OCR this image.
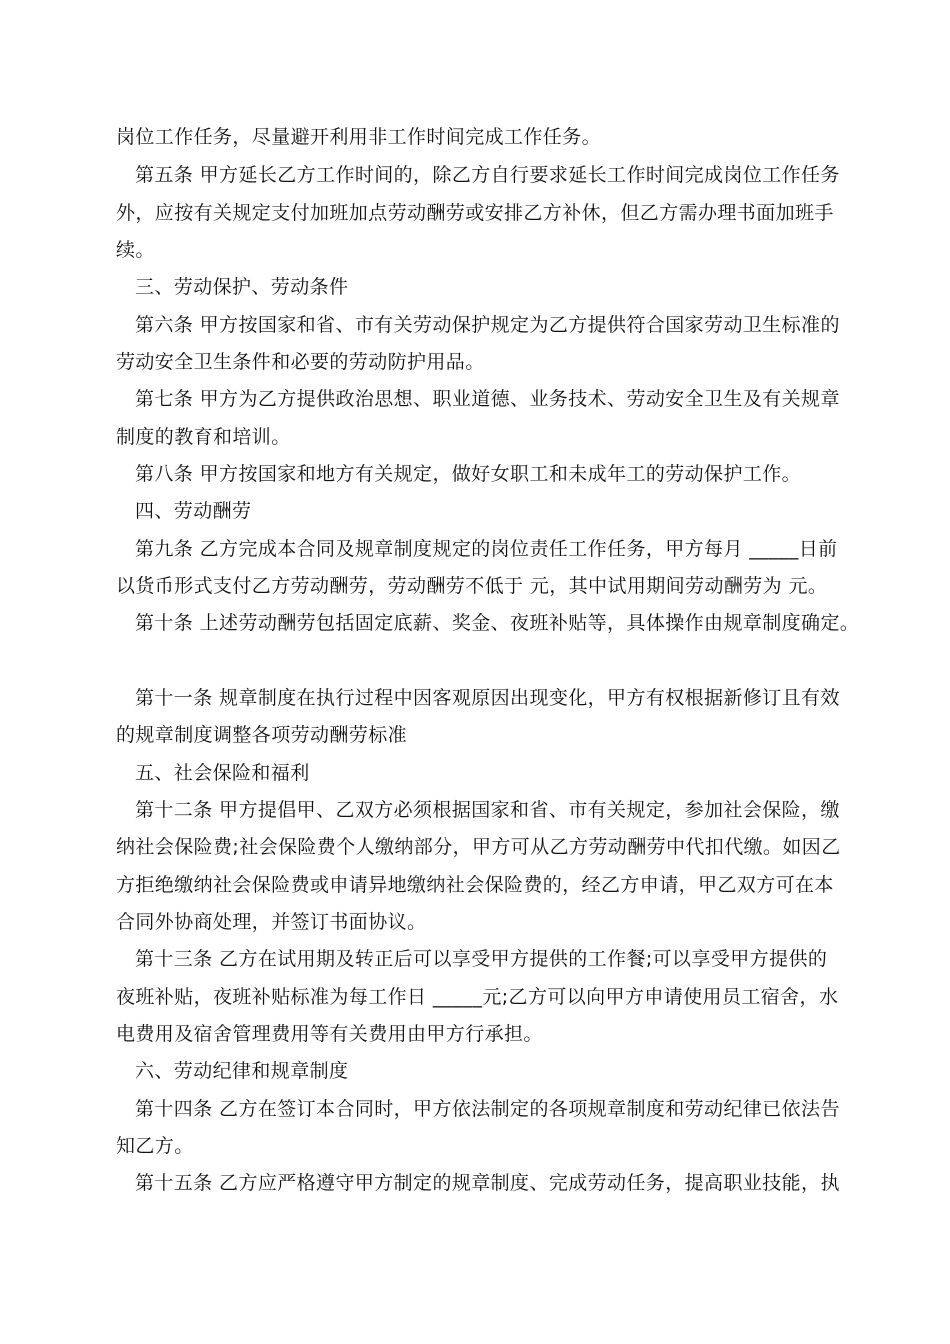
岗位工作任务，尽量避开利用非工作时间完成工作任务。
第五条 甲方延长乙方工作时间的，除乙方自行要求延长工作时间完成岗位工作任务
外，应按有关规定支付加班加点劳动酬劳或安排乙方补休，但乙方需办理书面加班手
续。
三、劳动保护、劳动条件
第六条 甲方按国家和省、市有关劳动保护规定为乙方提供符合国家劳动卫生标准的
劳动安全卫生条件和必要的劳动防护用品。
第七条 甲方为乙方提供政治思想、职业道德、业务技术、劳动安全卫生及有关规章
制度的教育和培训。
第八条 甲方按国家和地方有关规定，做好女职工和未成年工的劳动保护工作。
四、劳动酬劳
第九条 乙方完成本合同及规章制度规定的岗位责任工作任务，甲方每月 _____日前
以货币形式支付乙方劳动酬劳，劳动酬劳不低于 元，其中试用期间劳动酬劳为 元。
第十条 上述劳动酬劳包括固定底薪、奖金、夜班补贴等，具体操作由规章制度确定。
第十一条 规章制度在执行过程中因客观原因出现变化，甲方有权根据新修订且有效
的规章制度调整各项劳动酬劳标准
五、社会保险和福利
第十二条 甲方提倡甲、乙双方必须根据国家和省、市有关规定，参加社会保险，缴
纳社会保险费;社会保险费个人缴纳部分，甲方可从乙方劳动酬劳中代扣代缴。如因乙
方拒绝缴纳社会保险费或申请异地缴纳社会保险费的，经乙方申请，甲乙双方可在本
合同外协商处理，并签订书面协议。
第十三条 乙方在试用期及转正后可以享受甲方提供的工作餐;可以享受甲方提供的
夜班补贴，夜班补贴标准为每工作日 _____元;乙方可以向甲方申请使用员工宿舍，水
电费用及宿舍管理费用等有关费用由甲方行承担。
六、劳动纪律和规章制度
第十四条 乙方在签订本合同时，甲方依法制定的各项规章制度和劳动纪律已依法告
知乙方。
第十五条 乙方应严格遵守甲方制定的规章制度、完成劳动任务，提高职业技能，执
